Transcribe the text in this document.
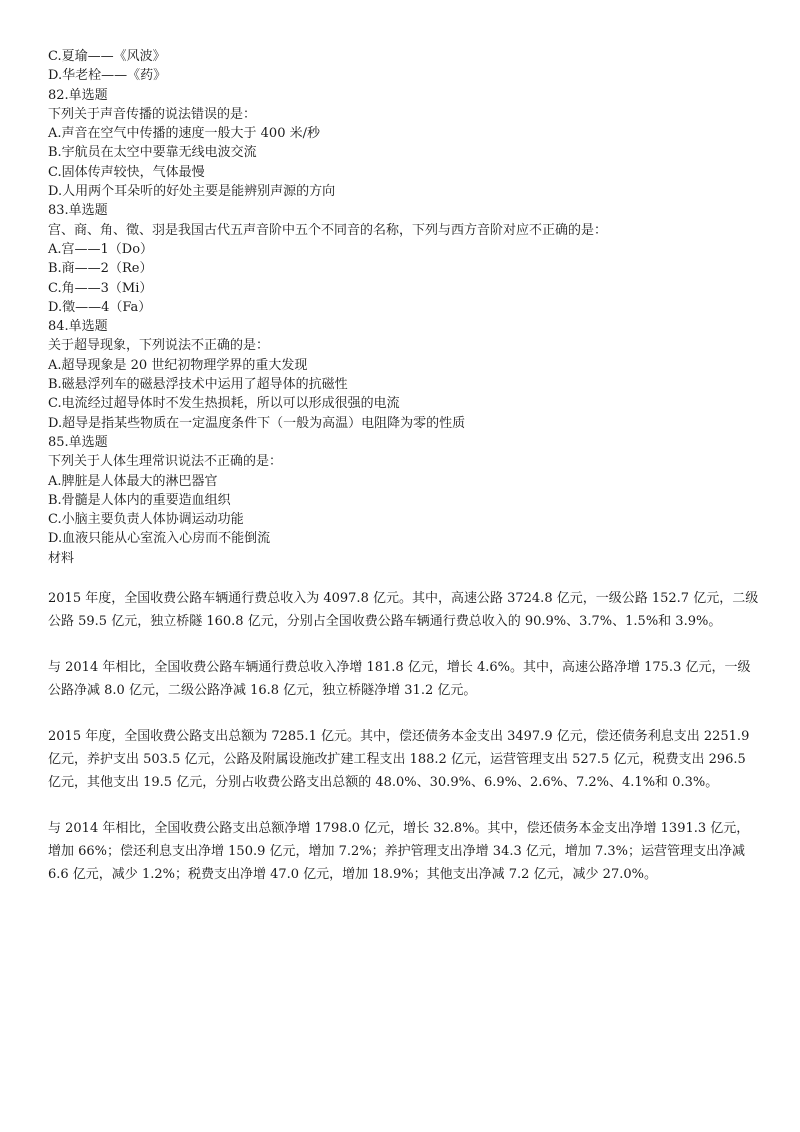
C.夏瑜——《风波》
D.华老栓——《药》
82.单选题
下列关于声音传播的说法错误的是：
A.声音在空气中传播的速度一般大于 400 米/秒
B.宇航员在太空中要靠无线电波交流
C.固体传声较快，气体最慢
D.人用两个耳朵听的好处主要是能辨别声源的方向
83.单选题
宫、商、角、徵、羽是我国古代五声音阶中五个不同音的名称，下列与西方音阶对应不正确的是：
A.宫——1（Do）
B.商——2（Re）
C.角——3（Mi）
D.徵——4（Fa）
84.单选题
关于超导现象，下列说法不正确的是：
A.超导现象是 20 世纪初物理学界的重大发现
B.磁悬浮列车的磁悬浮技术中运用了超导体的抗磁性
C.电流经过超导体时不发生热损耗，所以可以形成很强的电流
D.超导是指某些物质在一定温度条件下（一般为高温）电阻降为零的性质
85.单选题
下列关于人体生理常识说法不正确的是：
A.脾脏是人体最大的淋巴器官
B.骨髓是人体内的重要造血组织
C.小脑主要负责人体协调运动功能
D.血液只能从心室流入心房而不能倒流
材料

2015 年度，全国收费公路车辆通行费总收入为 4097.8 亿元。其中，高速公路 3724.8 亿元，一级公路 152.7 亿元，二级公路 59.5 亿元，独立桥隧 160.8 亿元，分别占全国收费公路车辆通行费总收入的 90.9%、3.7%、1.5%和 3.9%。

与 2014 年相比，全国收费公路车辆通行费总收入净增 181.8 亿元，增长 4.6%。其中，高速公路净增 175.3 亿元，一级公路净减 8.0 亿元，二级公路净减 16.8 亿元，独立桥隧净增 31.2 亿元。

2015 年度，全国收费公路支出总额为 7285.1 亿元。其中，偿还债务本金支出 3497.9 亿元，偿还债务利息支出 2251.9 亿元，养护支出 503.5 亿元，公路及附属设施改扩建工程支出 188.2 亿元，运营管理支出 527.5 亿元，税费支出 296.5 亿元，其他支出 19.5 亿元，分别占收费公路支出总额的 48.0%、30.9%、6.9%、2.6%、7.2%、4.1%和 0.3%。

与 2014 年相比，全国收费公路支出总额净增 1798.0 亿元，增长 32.8%。其中，偿还债务本金支出净增 1391.3 亿元，增加 66%；偿还利息支出净增 150.9 亿元，增加 7.2%；养护管理支出净增 34.3 亿元，增加 7.3%；运营管理支出净减 6.6 亿元，减少 1.2%；税费支出净增 47.0 亿元，增加 18.9%；其他支出净减 7.2 亿元，减少 27.0%。
